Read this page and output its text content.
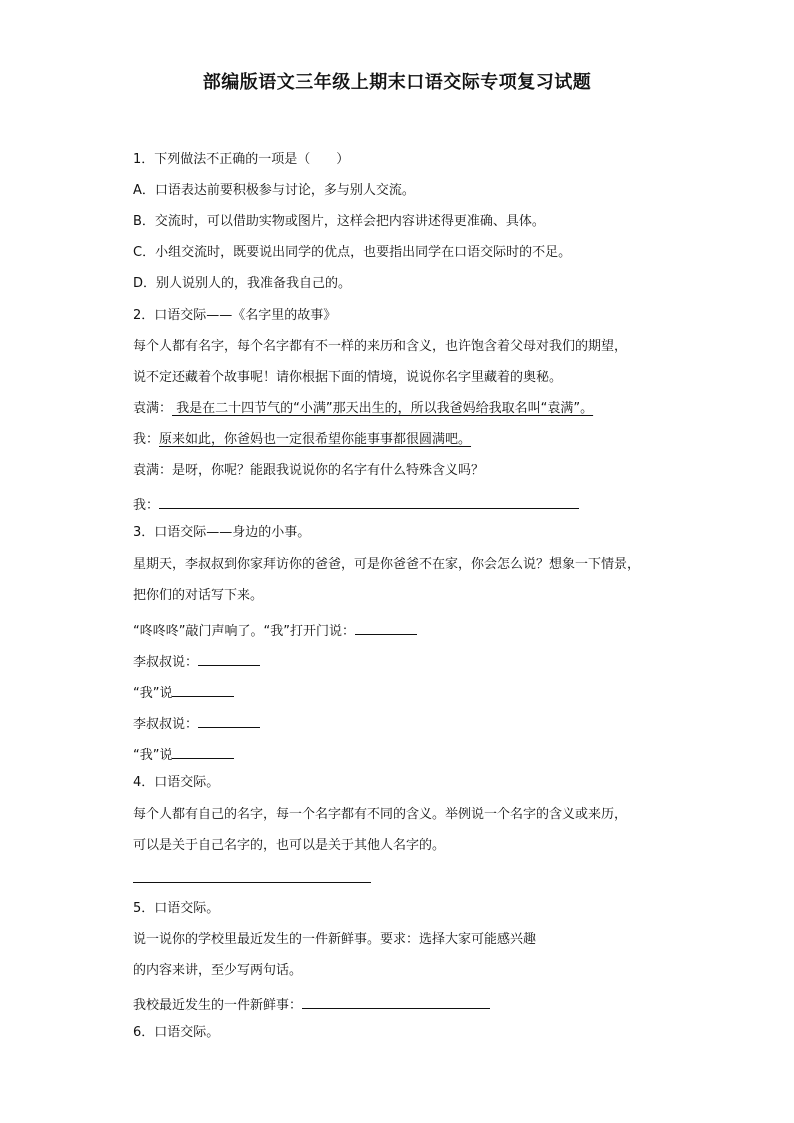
部编版语文三年级上期末口语交际专项复习试题
1．下列做法不正确的一项是（　　）
A．口语表达前要积极参与讨论，多与别人交流。
B．交流时，可以借助实物或图片，这样会把内容讲述得更准确、具体。
C．小组交流时，既要说出同学的优点，也要指出同学在口语交际时的不足。
D．别人说别人的，我准备我自己的。
2．口语交际——《名字里的故事》
每个人都有名字，每个名字都有不一样的来历和含义，也许饱含着父母对我们的期望，
说不定还藏着个故事呢！请你根据下面的情境，说说你名字里藏着的奥秘。
袁满： 我是在二十四节气的“小满”那天出生的，所以我爸妈给我取名叫“袁满”。
我：原来如此，你爸妈也一定很希望你能事事都很圆满吧。
袁满：是呀，你呢？能跟我说说你的名字有什么特殊含义吗？
我：
3．口语交际——身边的小事。
星期天，李叔叔到你家拜访你的爸爸，可是你爸爸不在家，你会怎么说？想象一下情景，
把你们的对话写下来。
“咚咚咚”敲门声响了。“我”打开门说：
李叔叔说：
“我”说
李叔叔说：
“我”说
4．口语交际。
每个人都有自己的名字，每一个名字都有不同的含义。举例说一个名字的含义或来历，
可以是关于自己名字的，也可以是关于其他人名字的。
5．口语交际。
说一说你的学校里最近发生的一件新鲜事。要求：选择大家可能感兴趣
的内容来讲，至少写两句话。
我校最近发生的一件新鲜事：
6．口语交际。
